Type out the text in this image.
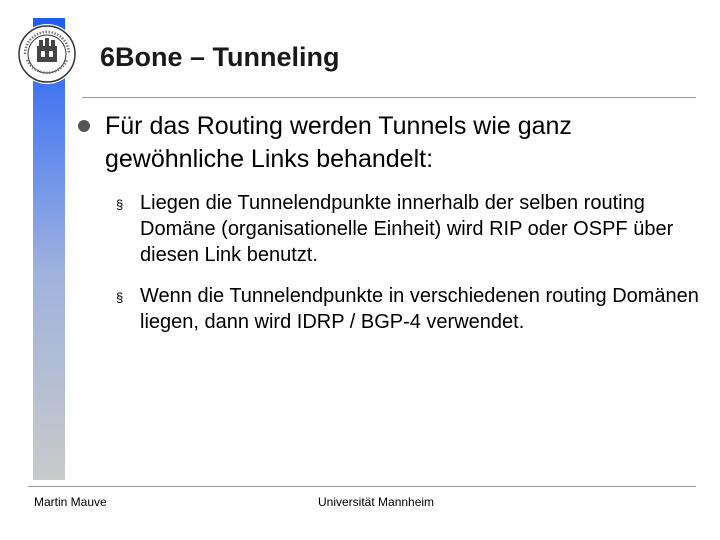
6Bone – Tunneling
Für das Routing werden Tunnels wie ganz gewöhnliche Links behandelt:
§ Liegen die Tunnelendpunkte innerhalb der selben routing Domäne (organisationelle Einheit) wird RIP oder OSPF über diesen Link benutzt.
§ Wenn die Tunnelendpunkte in verschiedenen routing Domänen liegen, dann wird IDRP / BGP-4 verwendet.
Martin Mauve	Universität Mannheim
